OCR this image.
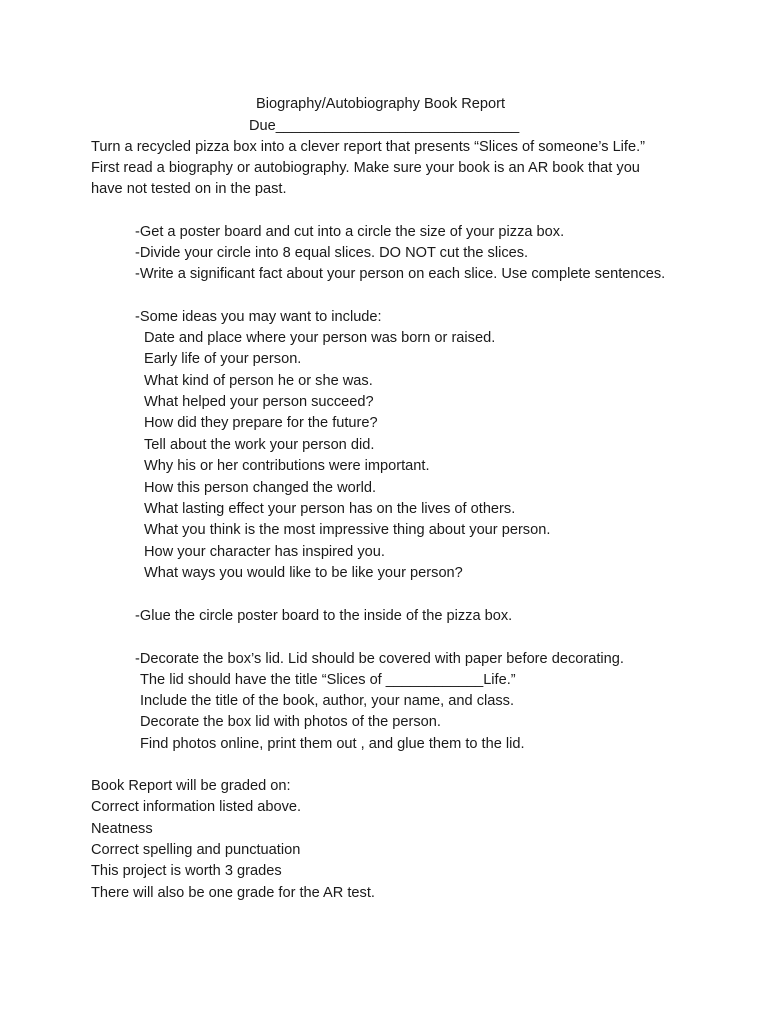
Biography/Autobiography Book Report
Due______________________________
Turn a recycled pizza box into a clever report that presents “Slices of someone’s Life.”
First read a biography or autobiography. Make sure your book is an AR book that you
have not tested on in the past.
-Get a poster board and cut into a circle the size of your pizza box.
-Divide your circle into 8 equal slices. DO NOT cut the slices.
-Write a significant fact about your person on each slice. Use complete sentences.
-Some ideas you may want to include:
Date and place where your person was born or raised.
Early life of your person.
What kind of person he or she was.
What helped your person succeed?
How did they prepare for the future?
Tell about the work your person did.
Why his or her contributions were important.
How this person changed the world.
What lasting effect your person has on the lives of others.
What you think is the most impressive thing about your person.
How your character has inspired you.
What ways you would like to be like your person?
-Glue the circle poster board to the inside of the pizza box.
-Decorate the box’s lid. Lid should be covered with paper before decorating.
The lid should have the title “Slices of ____________Life.”
Include the title of the book, author, your name, and class.
Decorate the box lid with photos of the person.
Find photos online, print them out , and glue them to the lid.
Book Report will be graded on:
Correct information listed above.
Neatness
Correct spelling and punctuation
This project is worth 3 grades
There will also be one grade for the AR test.
